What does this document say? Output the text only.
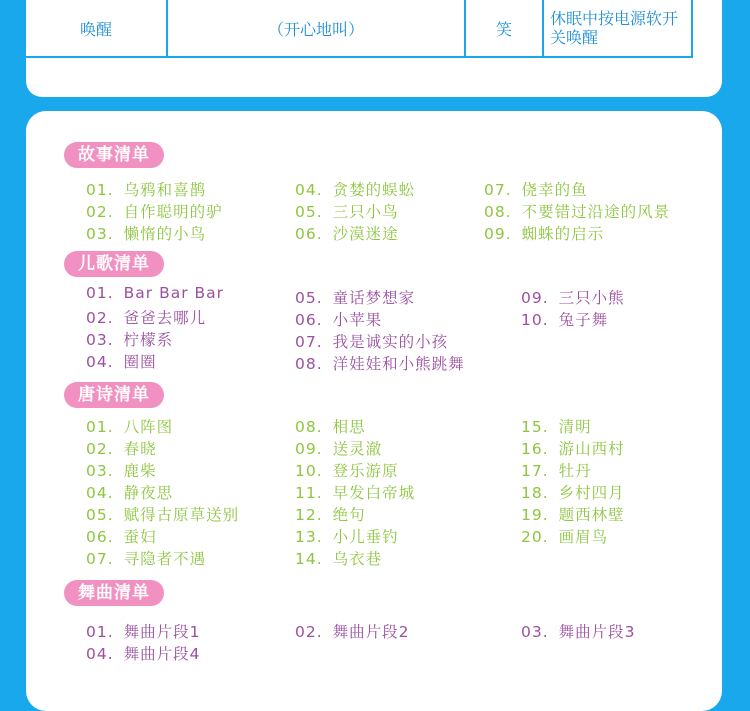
唤醒	（开心地叫）	笑	休眠中按电源软开关唤醒
故事清单
儿歌清单
唐诗清单
舞曲清单
01. 乌鸦和喜鹊
02. 自作聪明的驴
03. 懒惰的小鸟
04. 贪婪的蜈蚣
05. 三只小鸟
06. 沙漠迷途
07. 侥幸的鱼
08. 不要错过沿途的风景
09. 蜘蛛的启示
01. Bar Bar Bar
02. 爸爸去哪儿
03. 柠檬系
04. 圈圈
05. 童话梦想家
06. 小苹果
07. 我是诚实的小孩
08. 洋娃娃和小熊跳舞
09. 三只小熊
10. 兔子舞
01. 八阵图
02. 春晓
03. 鹿柴
04. 静夜思
05. 赋得古原草送别
06. 蚕妇
07. 寻隐者不遇
08. 相思
09. 送灵澈
10. 登乐游原
11. 早发白帝城
12. 绝句
13. 小儿垂钓
14. 乌衣巷
15. 清明
16. 游山西村
17. 牡丹
18. 乡村四月
19. 题西林壁
20. 画眉鸟
01. 舞曲片段1	02. 舞曲片段2	03. 舞曲片段3
04. 舞曲片段4
